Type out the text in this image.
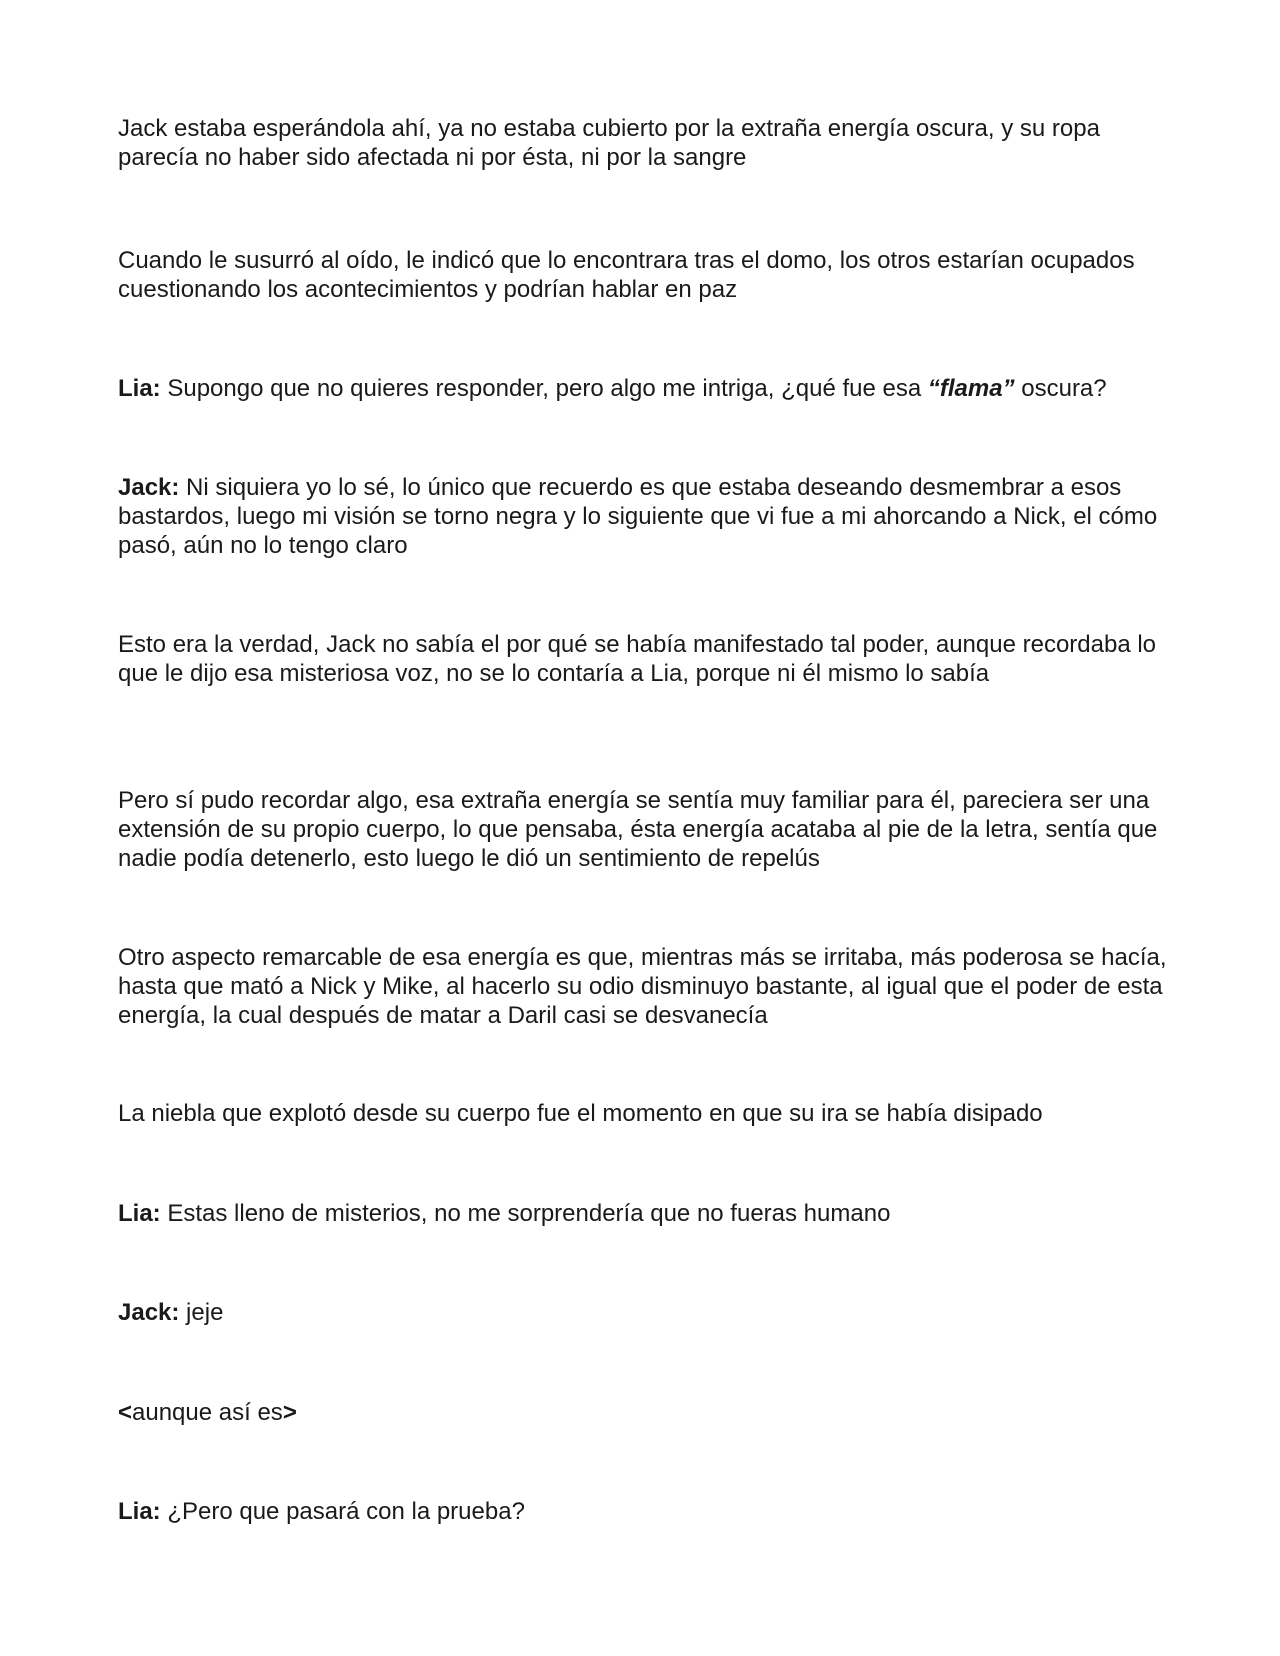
Jack estaba esperándola ahí, ya no estaba cubierto por la extraña energía oscura, y su ropa parecía no haber sido afectada ni por ésta, ni por la sangre

Cuando le susurró al oído, le indicó que lo encontrara tras el domo, los otros estarían ocupados cuestionando los acontecimientos y podrían hablar en paz

Lia: Supongo que no quieres responder, pero algo me intriga, ¿qué fue esa “flama” oscura?

Jack: Ni siquiera yo lo sé, lo único que recuerdo es que estaba deseando desmembrar a esos bastardos, luego mi visión se torno negra y lo siguiente que vi fue a mi ahorcando a Nick, el cómo pasó, aún no lo tengo claro

Esto era la verdad, Jack no sabía el por qué se había manifestado tal poder, aunque recordaba lo que le dijo esa misteriosa voz, no se lo contaría a Lia, porque ni él mismo lo sabía

Pero sí pudo recordar algo, esa extraña energía se sentía muy familiar para él, pareciera ser una extensión de su propio cuerpo, lo que pensaba, ésta energía acataba al pie de la letra, sentía que nadie podía detenerlo, esto luego le dió un sentimiento de repelús

Otro aspecto remarcable de esa energía es que, mientras más se irritaba, más poderosa se hacía, hasta que mató a Nick y Mike, al hacerlo su odio disminuyo bastante, al igual que el poder de esta energía, la cual después de matar a Daril casi se desvanecía

La niebla que explotó desde su cuerpo fue el momento en que su ira se había disipado

Lia: Estas lleno de misterios, no me sorprendería que no fueras humano

Jack: jeje

<aunque así es>

Lia: ¿Pero que pasará con la prueba?
